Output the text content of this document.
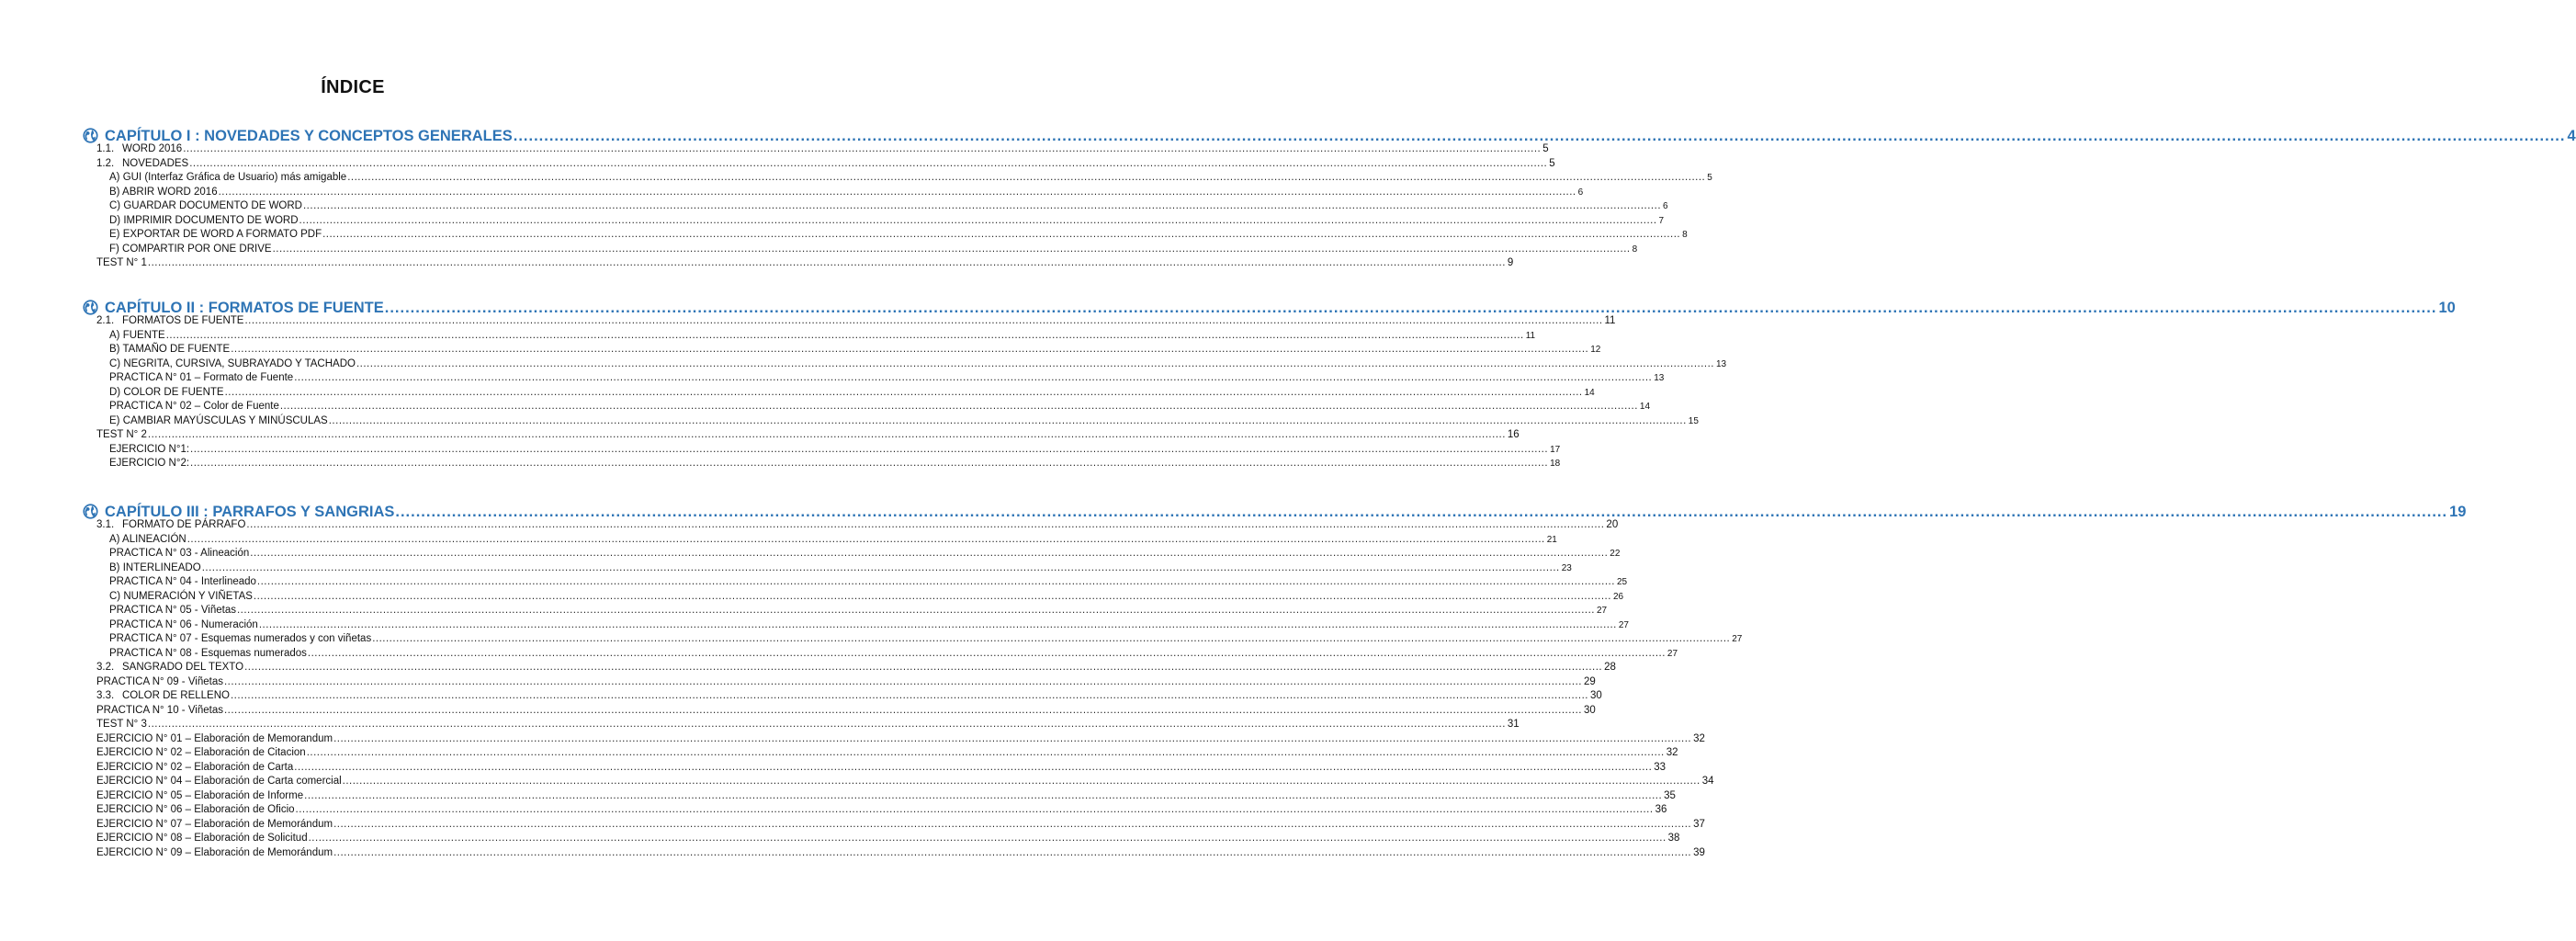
ÍNDICE
CAPÍTULO I : NOVEDADES Y CONCEPTOS GENERALES ................................................................................................................................................................................................................................................................................................................................................................................................................ 4
1.1. WORD 2016 ................................................................................................................................................................................................................................................................................................................................................................................................................ 5
1.2. NOVEDADES ................................................................................................................................................................................................................................................................................................................................................................................................................ 5
A) GUI (Interfaz Gráfica de Usuario) más amigable ................................................................................................................................................................................................................................................................................................................................................................................................................ 5
B) ABRIR WORD 2016 ................................................................................................................................................................................................................................................................................................................................................................................................................ 6
C) GUARDAR DOCUMENTO DE WORD ................................................................................................................................................................................................................................................................................................................................................................................................................ 6
D) IMPRIMIR DOCUMENTO DE WORD ................................................................................................................................................................................................................................................................................................................................................................................................................ 7
E) EXPORTAR DE WORD A FORMATO PDF ................................................................................................................................................................................................................................................................................................................................................................................................................ 8
F) COMPARTIR POR ONE DRIVE ................................................................................................................................................................................................................................................................................................................................................................................................................ 8
TEST N° 1 ................................................................................................................................................................................................................................................................................................................................................................................................................ 9
CAPÍTULO II : FORMATOS DE FUENTE ................................................................................................................................................................................................................................................................................................................................................................................................................ 10
2.1. FORMATOS DE FUENTE ................................................................................................................................................................................................................................................................................................................................................................................................................ 11
A) FUENTE ................................................................................................................................................................................................................................................................................................................................................................................................................ 11
B) TAMAÑO DE FUENTE ................................................................................................................................................................................................................................................................................................................................................................................................................ 12
C) NEGRITA, CURSIVA, SUBRAYADO Y TACHADO ................................................................................................................................................................................................................................................................................................................................................................................................................ 13
PRACTICA N° 01 – Formato de Fuente ................................................................................................................................................................................................................................................................................................................................................................................................................ 13
D) COLOR DE FUENTE ................................................................................................................................................................................................................................................................................................................................................................................................................ 14
PRACTICA N° 02 – Color de Fuente ................................................................................................................................................................................................................................................................................................................................................................................................................ 14
E) CAMBIAR MAYÚSCULAS Y MINÚSCULAS ................................................................................................................................................................................................................................................................................................................................................................................................................ 15
TEST N° 2 ................................................................................................................................................................................................................................................................................................................................................................................................................ 16
EJERCICIO N°1: ................................................................................................................................................................................................................................................................................................................................................................................................................ 17
EJERCICIO N°2: ................................................................................................................................................................................................................................................................................................................................................................................................................ 18
CAPÍTULO III : PARRAFOS Y SANGRIAS ................................................................................................................................................................................................................................................................................................................................................................................................................ 19
3.1. FORMATO DE PÁRRAFO ................................................................................................................................................................................................................................................................................................................................................................................................................ 20
A) ALINEACIÓN ................................................................................................................................................................................................................................................................................................................................................................................................................ 21
PRACTICA N° 03 - Alineación ................................................................................................................................................................................................................................................................................................................................................................................................................ 22
B) INTERLINEADO ................................................................................................................................................................................................................................................................................................................................................................................................................ 23
PRACTICA N° 04 - Interlineado ................................................................................................................................................................................................................................................................................................................................................................................................................ 25
C) NUMERACIÓN Y VIÑETAS ................................................................................................................................................................................................................................................................................................................................................................................................................ 26
PRACTICA N° 05 - Viñetas ................................................................................................................................................................................................................................................................................................................................................................................................................ 27
PRACTICA N° 06 - Numeración ................................................................................................................................................................................................................................................................................................................................................................................................................ 27
PRACTICA N° 07 - Esquemas numerados y con viñetas ................................................................................................................................................................................................................................................................................................................................................................................................................ 27
PRACTICA N° 08 - Esquemas numerados ................................................................................................................................................................................................................................................................................................................................................................................................................ 27
3.2. SANGRADO DEL TEXTO ................................................................................................................................................................................................................................................................................................................................................................................................................ 28
PRACTICA N° 09 - Viñetas ................................................................................................................................................................................................................................................................................................................................................................................................................ 29
3.3. COLOR DE RELLENO ................................................................................................................................................................................................................................................................................................................................................................................................................ 30
PRACTICA N° 10 - Viñetas ................................................................................................................................................................................................................................................................................................................................................................................................................ 30
TEST N° 3 ................................................................................................................................................................................................................................................................................................................................................................................................................ 31
EJERCICIO N° 01 – Elaboración de Memorandum ................................................................................................................................................................................................................................................................................................................................................................................................................ 32
EJERCICIO N° 02 – Elaboración de Citacion ................................................................................................................................................................................................................................................................................................................................................................................................................ 32
EJERCICIO N° 02 – Elaboración de Carta ................................................................................................................................................................................................................................................................................................................................................................................................................ 33
EJERCICIO N° 04 – Elaboración de Carta comercial ................................................................................................................................................................................................................................................................................................................................................................................................................ 34
EJERCICIO N° 05 – Elaboración de Informe ................................................................................................................................................................................................................................................................................................................................................................................................................ 35
EJERCICIO N° 06 – Elaboración de Oficio ................................................................................................................................................................................................................................................................................................................................................................................................................ 36
EJERCICIO N° 07 – Elaboración de Memorándum ................................................................................................................................................................................................................................................................................................................................................................................................................ 37
EJERCICIO N° 08 – Elaboración de Solicitud ................................................................................................................................................................................................................................................................................................................................................................................................................ 38
EJERCICIO N° 09 – Elaboración de Memorándum ................................................................................................................................................................................................................................................................................................................................................................................................................ 39
